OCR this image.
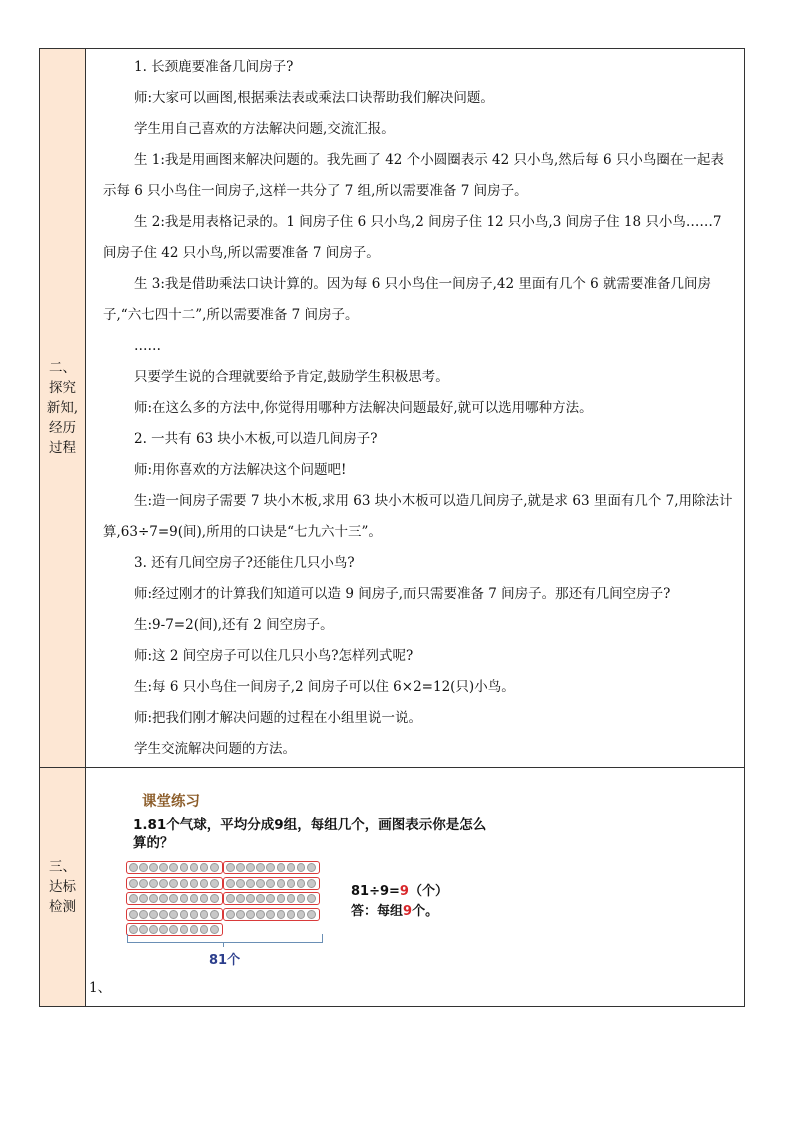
二、探究新知,经历过程

1. 长颈鹿要准备几间房子?

师:大家可以画图,根据乘法表或乘法口诀帮助我们解决问题。

学生用自己喜欢的方法解决问题,交流汇报。

生 1:我是用画图来解决问题的。我先画了 42 个小圆圈表示 42 只小鸟,然后每 6 只小鸟圈在一起表示每 6 只小鸟住一间房子,这样一共分了 7 组,所以需要准备 7 间房子。

生 2:我是用表格记录的。1 间房子住 6 只小鸟,2 间房子住 12 只小鸟,3 间房子住 18 只小鸟……7 间房子住 42 只小鸟,所以需要准备 7 间房子。

生 3:我是借助乘法口诀计算的。因为每 6 只小鸟住一间房子,42 里面有几个 6 就需要准备几间房子,“六七四十二”,所以需要准备 7 间房子。

……

只要学生说的合理就要给予肯定,鼓励学生积极思考。

师:在这么多的方法中,你觉得用哪种方法解决问题最好,就可以选用哪种方法。

2. 一共有 63 块小木板,可以造几间房子?

师:用你喜欢的方法解决这个问题吧!

生:造一间房子需要 7 块小木板,求用 63 块小木板可以造几间房子,就是求 63 里面有几个 7,用除法计算,63÷7=9(间),所用的口诀是“七九六十三”。

3. 还有几间空房子?还能住几只小鸟?

师:经过刚才的计算我们知道可以造 9 间房子,而只需要准备 7 间房子。那还有几间空房子?

生:9-7=2(间),还有 2 间空房子。

师:这 2 间空房子可以住几只小鸟?怎样列式呢?

生:每 6 只小鸟住一间房子,2 间房子可以住 6×2=12(只)小鸟。

师:把我们刚才解决问题的过程在小组里说一说。

学生交流解决问题的方法。

三、达标检测
课堂练习
1.81个气球，平均分成9组，每组几个，画图表示你是怎么算的？
81个
81÷9=9（个）
答：每组9个。
1、
